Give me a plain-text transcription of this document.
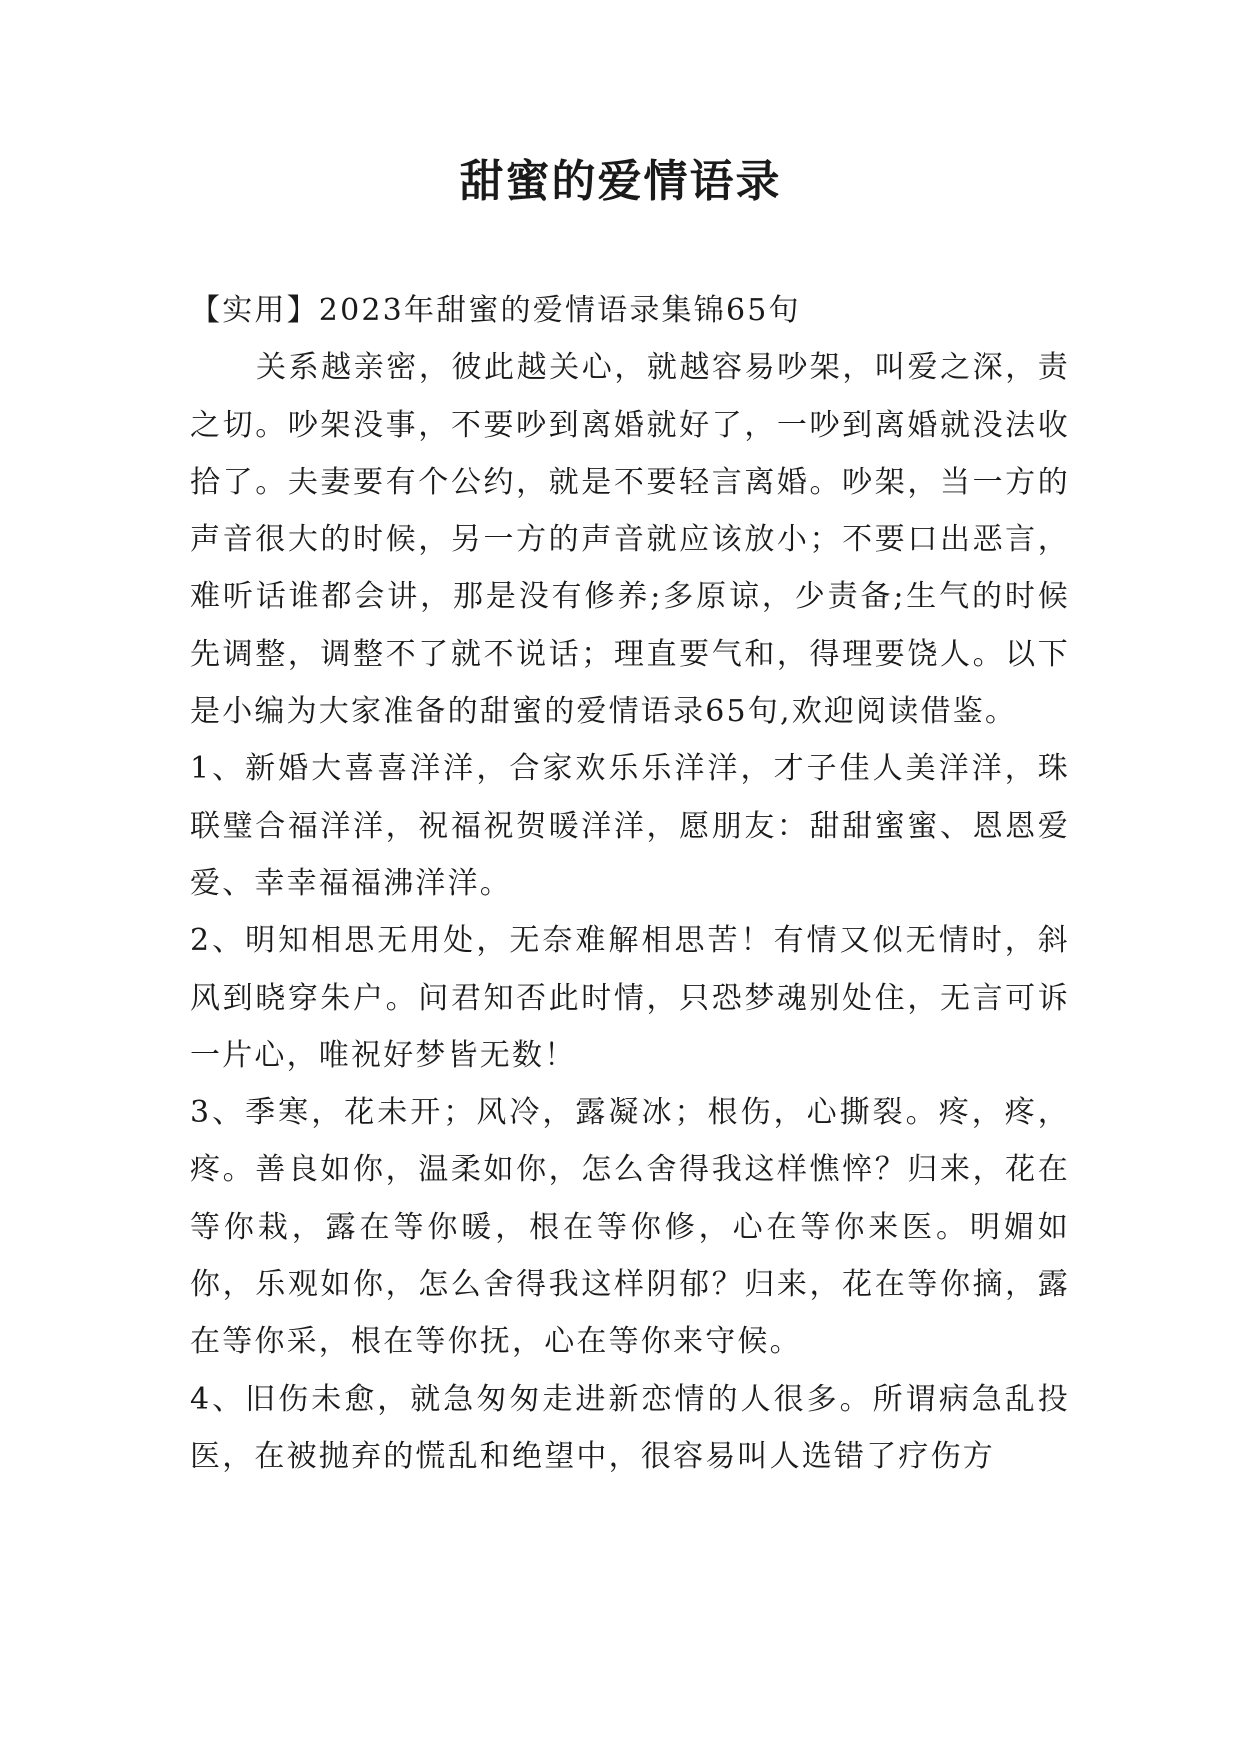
甜蜜的爱情语录

【实用】2023年甜蜜的爱情语录集锦65句

关系越亲密，彼此越关心，就越容易吵架，叫爱之深，责之切。吵架没事，不要吵到离婚就好了，一吵到离婚就没法收拾了。夫妻要有个公约，就是不要轻言离婚。吵架，当一方的声音很大的时候，另一方的声音就应该放小；不要口出恶言，难听话谁都会讲，那是没有修养;多原谅，少责备;生气的时候先调整，调整不了就不说话；理直要气和，得理要饶人。以下是小编为大家准备的甜蜜的爱情语录65句,欢迎阅读借鉴。

1、新婚大喜喜洋洋，合家欢乐乐洋洋，才子佳人美洋洋，珠联璧合福洋洋，祝福祝贺暖洋洋，愿朋友：甜甜蜜蜜、恩恩爱爱、幸幸福福沸洋洋。

2、明知相思无用处，无奈难解相思苦！有情又似无情时，斜风到晓穿朱户。问君知否此时情，只恐梦魂别处住，无言可诉一片心，唯祝好梦皆无数！

3、季寒，花未开；风冷，露凝冰；根伤，心撕裂。疼，疼，疼。善良如你，温柔如你，怎么舍得我这样憔悴？归来，花在等你栽，露在等你暖，根在等你修，心在等你来医。明媚如你，乐观如你，怎么舍得我这样阴郁？归来，花在等你摘，露在等你采，根在等你抚，心在等你来守候。

4、旧伤未愈，就急匆匆走进新恋情的人很多。所谓病急乱投医，在被抛弃的慌乱和绝望中，很容易叫人选错了疗伤方
